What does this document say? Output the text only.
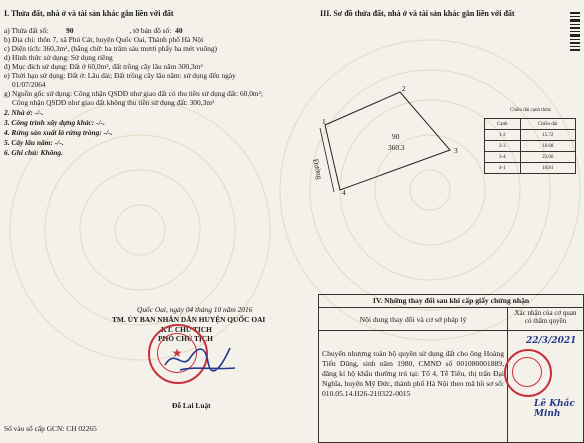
I. Thửa đất, nhà ở và tài sản khác gắn liền với đất
a) Thửa đất số: 90	, tờ bản đồ số: 40
b) Địa chỉ: thôn 7, xã Phú Cát, huyện Quốc Oai, Thành phố Hà Nội
c) Diện tích: 360,3m², (bằng chữ: ba trăm sáu mươi phẩy ba mét vuông)
d) Hình thức sử dụng: Sử dụng riêng
đ) Mục đích sử dụng: Đất ở 60,0m², đất trồng cây lâu năm 300,3m²
e) Thời hạn sử dụng: Đất ở: Lâu dài; Đất trồng cây lâu năm: sử dụng đến ngày
01/07/2064
g) Nguồn gốc sử dụng: Công nhận QSDĐ như giao đất có thu tiền sử dụng đất: 60,0m²;
Công nhận QSDĐ như giao đất không thu tiền sử dụng đất: 300,3m²
2. Nhà ở: -/-.
3. Công trình xây dựng khác: -/-.
4. Rừng sản xuất là rừng trồng: -/-.
5. Cây lâu năm: -/-.
6. Ghi chú: Không.
Quốc Oai, ngày 04 tháng 10 năm 2016
TM. ỦY BAN NHÂN DÂN HUYỆN QUỐC OAI
KT. CHỦ TỊCH
PHÓ CHỦ TỊCH
★
Đỗ Lai Luật
Số vào sổ cấp GCN: CH 02265
III. Sơ đồ thửa đất, nhà ở và tài sản khác gắn liền với đất
1
2
3
4
90
360.3
Đường
Chiều dài cạnh thửa:
Cạnh	Chiều dài
1-2	15.72
2-3	18.68
3-4	23.66
4-1	18.81
IV. Những thay đổi sau khi cấp giấy chứng nhận	
Nội dung thay đổi và cơ sở pháp lý	Xác nhận của cơ quan có thẩm quyền
Chuyển nhượng toàn bộ quyền sử dụng đất cho ông Hoàng Tiến Dũng, sinh năm 1980, CMND số 001080001889, đăng kí hộ khẩu thường trú tại: Tổ 4, Tễ Tiêu, thị trấn Đại Nghĩa, huyện Mỹ Đức, thành phố Hà Nội theo mã hồ sơ số: 010.05.14.H26-210322-0015	22/3/2021
Lê Khắc Minh
